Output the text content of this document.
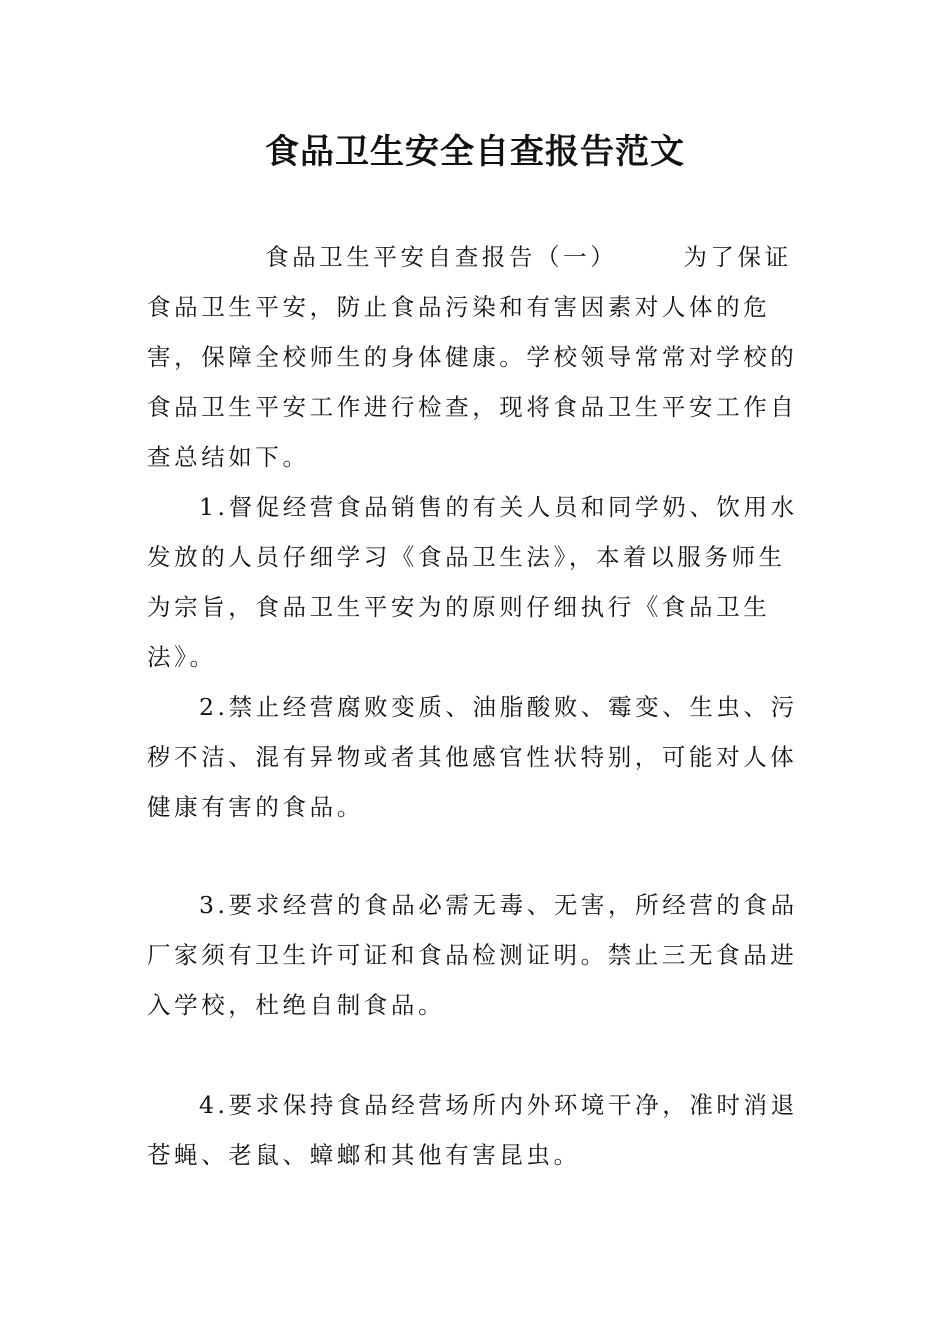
食品卫生安全自查报告范文

食品卫生平安自查报告（一）	为了保证食品卫生平安，防止食品污染和有害因素对人体的危害，保障全校师生的身体健康。学校领导常常对学校的食品卫生平安工作进行检查，现将食品卫生平安工作自查总结如下。

1.督促经营食品销售的有关人员和同学奶、饮用水发放的人员仔细学习《食品卫生法》，本着以服务师生为宗旨，食品卫生平安为的原则仔细执行《食品卫生法》。

2.禁止经营腐败变质、油脂酸败、霉变、生虫、污秽不洁、混有异物或者其他感官性状特别，可能对人体健康有害的食品。

3.要求经营的食品必需无毒、无害，所经营的食品厂家须有卫生许可证和食品检测证明。禁止三无食品进入学校，杜绝自制食品。

4.要求保持食品经营场所内外环境干净，准时消退苍蝇、老鼠、蟑螂和其他有害昆虫。
